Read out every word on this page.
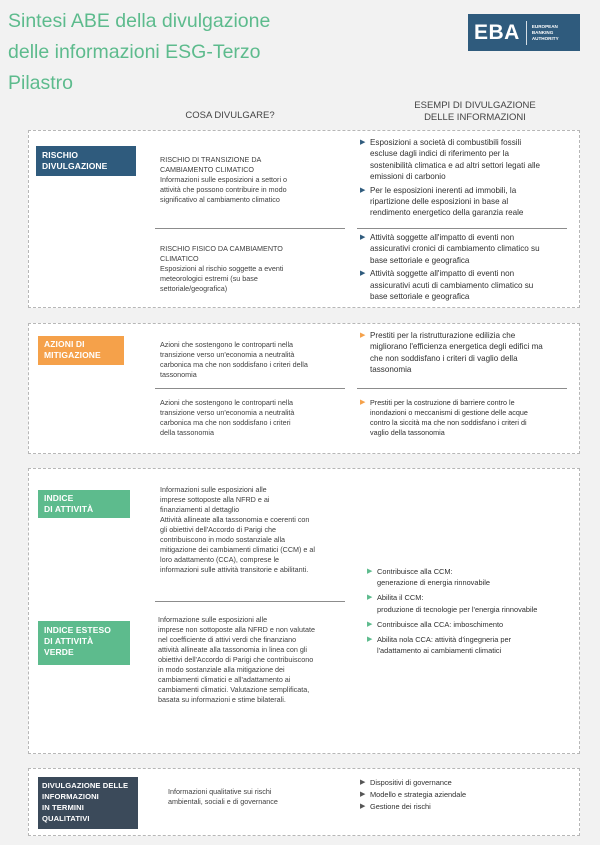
Sintesi ABE della divulgazione
delle informazioni ESG-Terzo
Pilastro
EBA	EUROPEAN
BANKING
AUTHORITY
COSA DIVULGARE?
ESEMPI DI DIVULGAZIONE
DELLE INFORMAZIONI
RISCHIO
DIVULGAZIONE
RISCHIO DI TRANSIZIONE DA
CAMBIAMENTO CLIMATICO
Informazioni sulle esposizioni a settori o
attività che possono contribuire in modo
significativo al cambiamento climatico
▶ Esposizioni a società di combustibili fossili
escluse dagli indici di riferimento per la
sostenibilità climatica e ad altri settori legati alle
emissioni di carbonio
▶ Per le esposizioni inerenti ad immobili, la
ripartizione delle esposizioni in base al
rendimento energetico della garanzia reale
RISCHIO FISICO DA CAMBIAMENTO
CLIMATICO
Esposizioni al rischio soggette a eventi
meteorologici estremi (su base
settoriale/geografica)
▶ Attività soggette all'impatto di eventi non
assicurativi cronici di cambiamento climatico su
base settoriale e geografica
▶ Attività soggette all'impatto di eventi non
assicurativi acuti di cambiamento climatico su
base settoriale e geografica
AZIONI DI
MITIGAZIONE
Azioni che sostengono le controparti nella
transizione verso un'economia a neutralità
carbonica ma che non soddisfano i criteri della
tassonomia
▶ Prestiti per la ristrutturazione edilizia che
migliorano l'efficienza energetica degli edifici ma
che non soddisfano i criteri di vaglio della
tassonomia
Azioni che sostengono le controparti nella
transizione verso un'economia a neutralità
carbonica ma che non soddisfano i criteri
della tassonomia
▶ Prestiti per la costruzione di barriere contro le
inondazioni o meccanismi di gestione delle acque
contro la siccità ma che non soddisfano i criteri di
vaglio della tassonomia
INDICE
DI ATTIVITÀ
Informazioni sulle esposizioni alle
imprese sottoposte alla NFRD e ai
finanziamenti al dettaglio
Attività allineate alla tassonomia e coerenti con
gli obiettivi dell'Accordo di Parigi che
contribuiscono in modo sostanziale alla
mitigazione dei cambiamenti climatici (CCM) e al
loro adattamento (CCA), comprese le
informazioni sulle attività transitorie e abilitanti.
INDICE ESTESO
DI ATTIVITÀ
VERDE
Informazione sulle esposizioni alle
imprese non sottoposte alla NFRD e non valutate
nel coefficiente di attivi verdi che finanziano
attività allineate alla tassonomia in linea con gli
obiettivi dell'Accordo di Parigi che contribuiscono
in modo sostanziale alla mitigazione dei
cambiamenti climatici e all'adattamento ai
cambiamenti climatici. Valutazione semplificata,
basata su informazioni e stime bilaterali.
▶ Contribuisce alla CCM:
generazione di energia rinnovabile
▶ Abilita il CCM:
produzione di tecnologie per l'energia rinnovabile
▶ Contribuisce alla CCA: imboschimento
▶ Abilita nola CCA: attività d'ingegneria per
l'adattamento ai cambiamenti climatici
DIVULGAZIONE DELLE
INFORMAZIONI
IN TERMINI
QUALITATIVI
Informazioni qualitative sui rischi
ambientali, sociali e di governance
▶ Dispositivi di governance
▶ Modello e strategia aziendale
▶ Gestione dei rischi
